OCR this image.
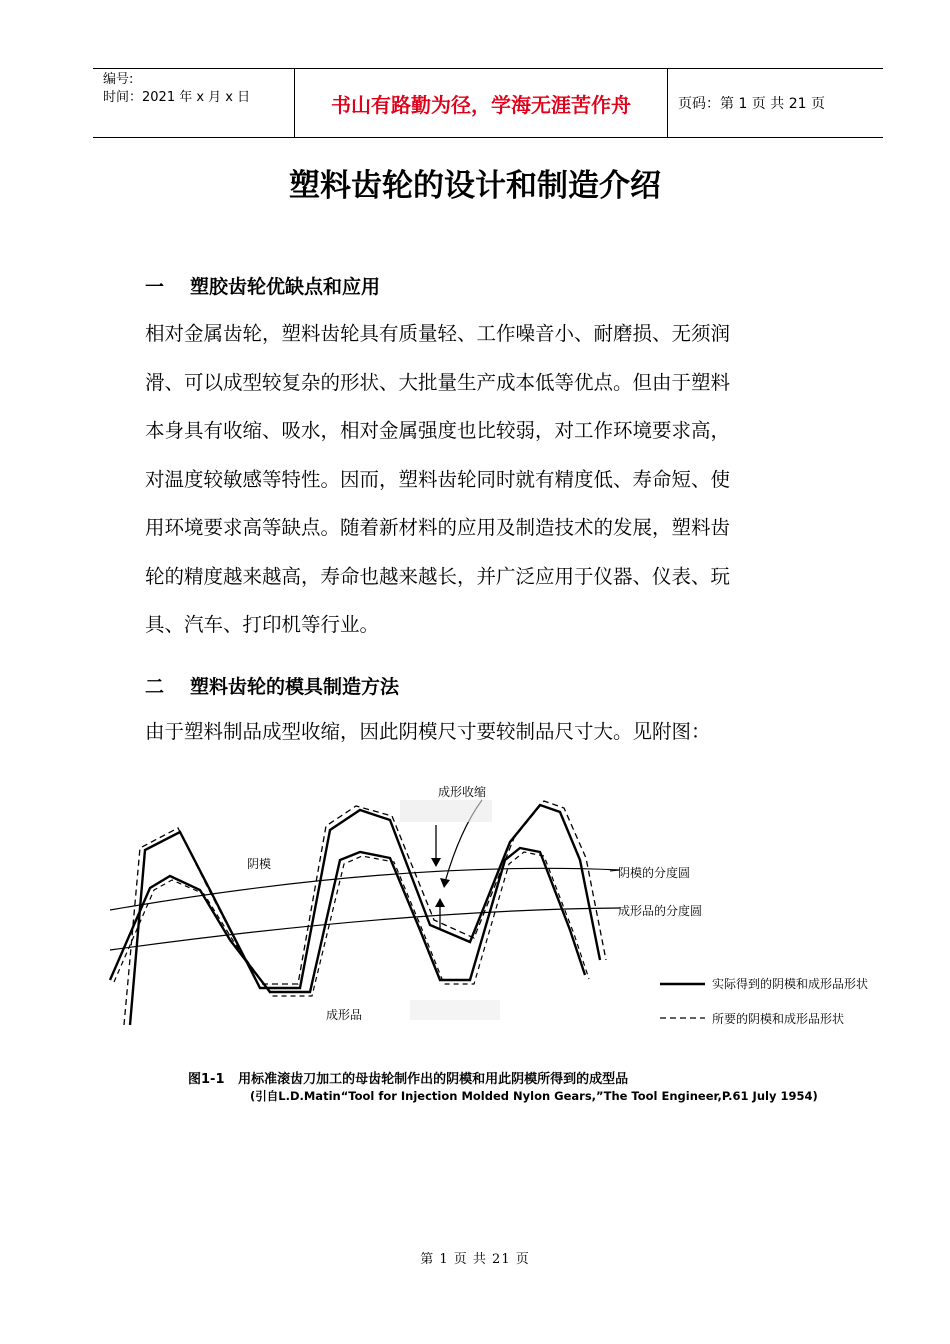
编号:
时间：2021 年 x 月 x 日	书山有路勤为径，学海无涯苦作舟	页码：第 1 页 共 21 页
塑料齿轮的设计和制造介绍
一 塑胶齿轮优缺点和应用
相对金属齿轮，塑料齿轮具有质量轻、工作噪音小、耐磨损、无须润
滑、可以成型较复杂的形状、大批量生产成本低等优点。但由于塑料
本身具有收缩、吸水，相对金属强度也比较弱，对工作环境要求高，
对温度较敏感等特性。因而，塑料齿轮同时就有精度低、寿命短、使
用环境要求高等缺点。随着新材料的应用及制造技术的发展，塑料齿
轮的精度越来越高，寿命也越来越长，并广泛应用于仪器、仪表、玩
具、汽车、打印机等行业。
二 塑料齿轮的模具制造方法
由于塑料制品成型收缩，因此阴模尺寸要较制品尺寸大。见附图：
成形收缩
阴模
阴模的分度圆
成形品的分度圆
成形品
实际得到的阴模和成形品形状
所要的阴模和成形品形状
图1-1 用标准滚齿刀加工的母齿轮制作出的阴模和用此阴模所得到的成型品
(引自L.D.Matin“Tool for Injection Molded Nylon Gears,”The Tool Engineer,P.61 July 1954)
第 1 页 共 21 页
